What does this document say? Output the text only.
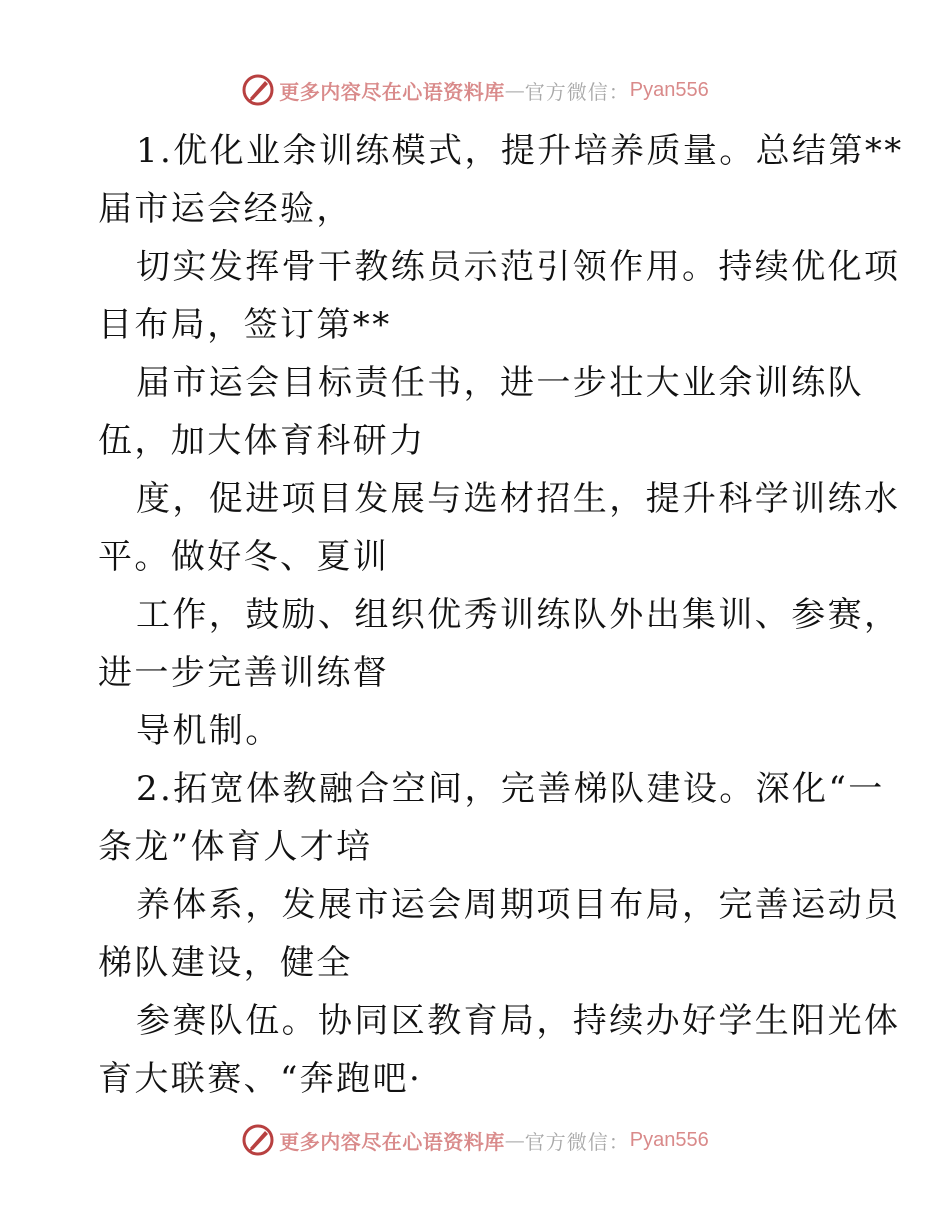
更多内容尽在心语资料库 — 官方微信： Pyan556
1.优化业余训练模式，提升培养质量。总结第**
届市运会经验，
切实发挥骨干教练员示范引领作用。持续优化项
目布局，签订第**
届市运会目标责任书，进一步壮大业余训练队
伍，加大体育科研力
度，促进项目发展与选材招生，提升科学训练水
平。做好冬、夏训
工作，鼓励、组织优秀训练队外出集训、参赛，
进一步完善训练督
导机制。
2.拓宽体教融合空间，完善梯队建设。深化“一
条龙”体育人才培
养体系，发展市运会周期项目布局，完善运动员
梯队建设，健全
参赛队伍。协同区教育局，持续办好学生阳光体
育大联赛、“奔跑吧·
更多内容尽在心语资料库 — 官方微信： Pyan556
